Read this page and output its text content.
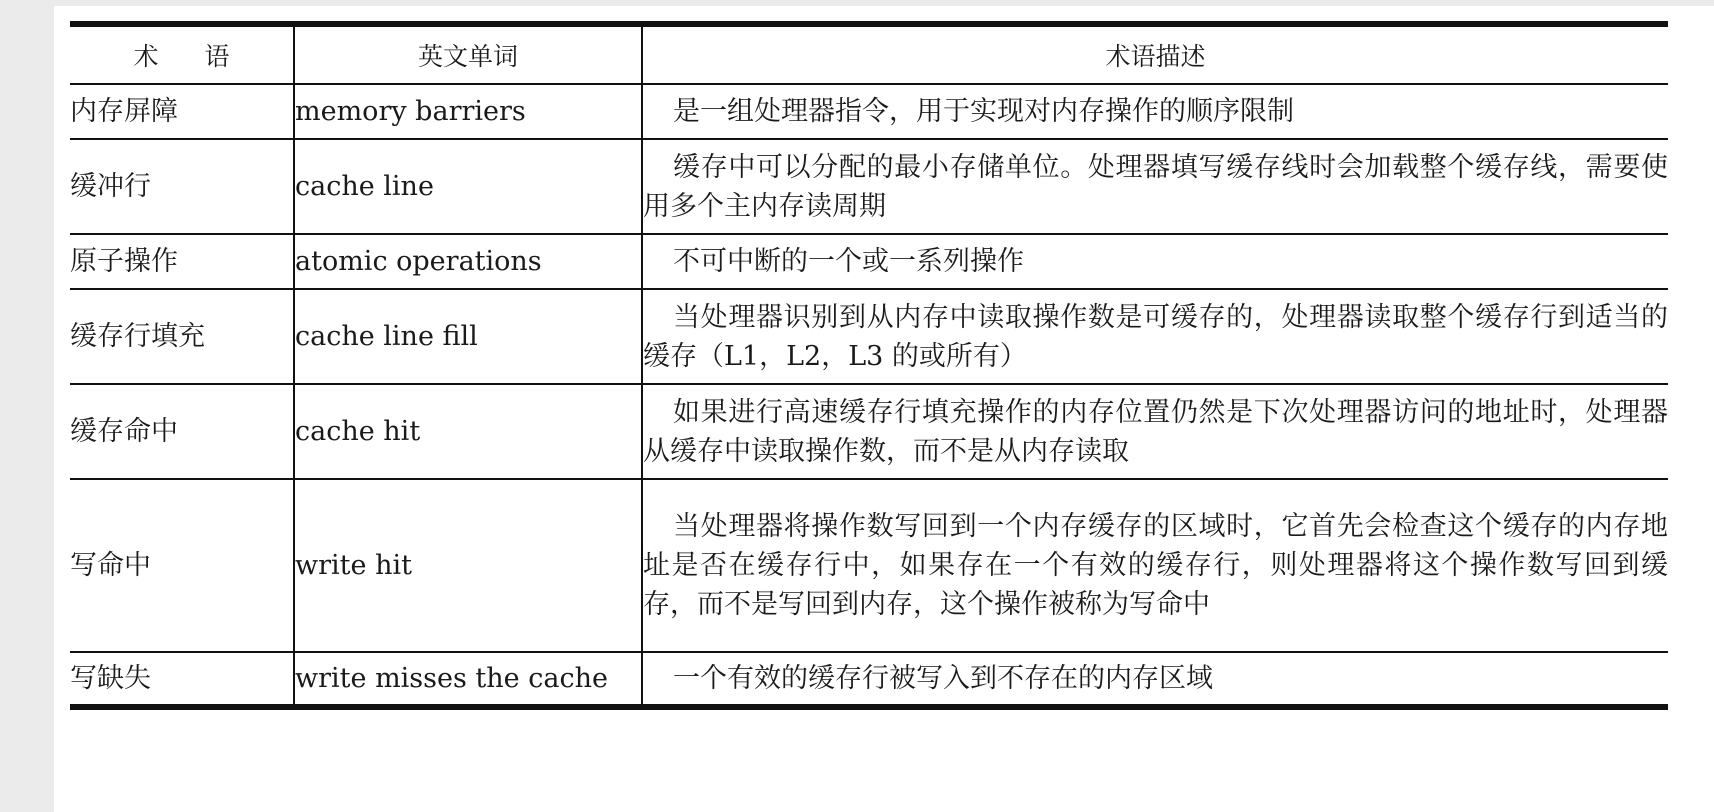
术语	英文单词	术语描述
内存屏障	memory barriers	是一组处理器指令，用于实现对内存操作的顺序限制
缓冲行	cache line	缓存中可以分配的最小存储单位。处理器填写缓存线时会加载整个缓存线，需要使用多个主内存读周期
原子操作	atomic operations	不可中断的一个或一系列操作
缓存行填充	cache line fill	当处理器识别到从内存中读取操作数是可缓存的，处理器读取整个缓存行到适当的缓存（L1，L2，L3 的或所有）
缓存命中	cache hit	如果进行高速缓存行填充操作的内存位置仍然是下次处理器访问的地址时，处理器从缓存中读取操作数，而不是从内存读取
写命中	write hit	当处理器将操作数写回到一个内存缓存的区域时，它首先会检查这个缓存的内存地址是否在缓存行中，如果存在一个有效的缓存行，则处理器将这个操作数写回到缓存，而不是写回到内存，这个操作被称为写命中
写缺失	write misses the cache	一个有效的缓存行被写入到不存在的内存区域
